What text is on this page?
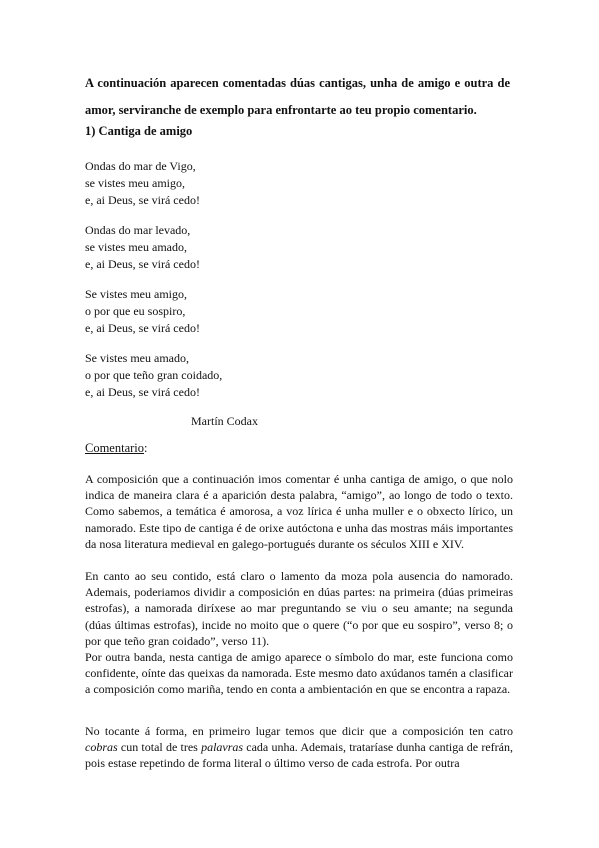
A continuación aparecen comentadas dúas cantigas, unha de amigo e outra de amor, serviranche de exemplo para enfrontarte ao teu propio comentario.
1) Cantiga de amigo
Ondas do mar de Vigo,
se vistes meu amigo,
e, ai Deus, se virá cedo!
Ondas do mar levado,
se vistes meu amado,
e, ai Deus, se virá cedo!
Se vistes meu amigo,
o por que eu sospiro,
e, ai Deus, se virá cedo!
Se vistes meu amado,
o por que teño gran coidado,
e, ai Deus, se virá cedo!
Martín Codax
Comentario:
A composición que a continuación imos comentar é unha cantiga de amigo, o que nolo indica de maneira clara é a aparición desta palabra, “amigo”, ao longo de todo o texto. Como sabemos, a temática é amorosa, a voz lírica é unha muller e o obxecto lírico, un namorado. Este tipo de cantiga é de orixe autóctona e unha das mostras máis importantes da nosa literatura medieval en galego-portugués durante os séculos XIII e XIV.
En canto ao seu contido, está claro o lamento da moza pola ausencia do namorado. Ademais, poderiamos dividir a composición en dúas partes: na primeira (dúas primeiras estrofas), a namorada diríxese ao mar preguntando se viu o seu amante; na segunda (dúas últimas estrofas), incide no moito que o quere (“o por que eu sospiro”, verso 8; o por que teño gran coidado”, verso 11).
Por outra banda, nesta cantiga de amigo aparece o símbolo do mar, este funciona como confidente, oínte das queixas da namorada. Este mesmo dato axúdanos tamén a clasificar a composición como mariña, tendo en conta a ambientación en que se encontra a rapaza.
No tocante á forma, en primeiro lugar temos que dicir que a composición ten catro cobras cun total de tres palavras cada unha. Ademais, trataríase dunha cantiga de refrán, pois estase repetindo de forma literal o último verso de cada estrofa. Por outra
